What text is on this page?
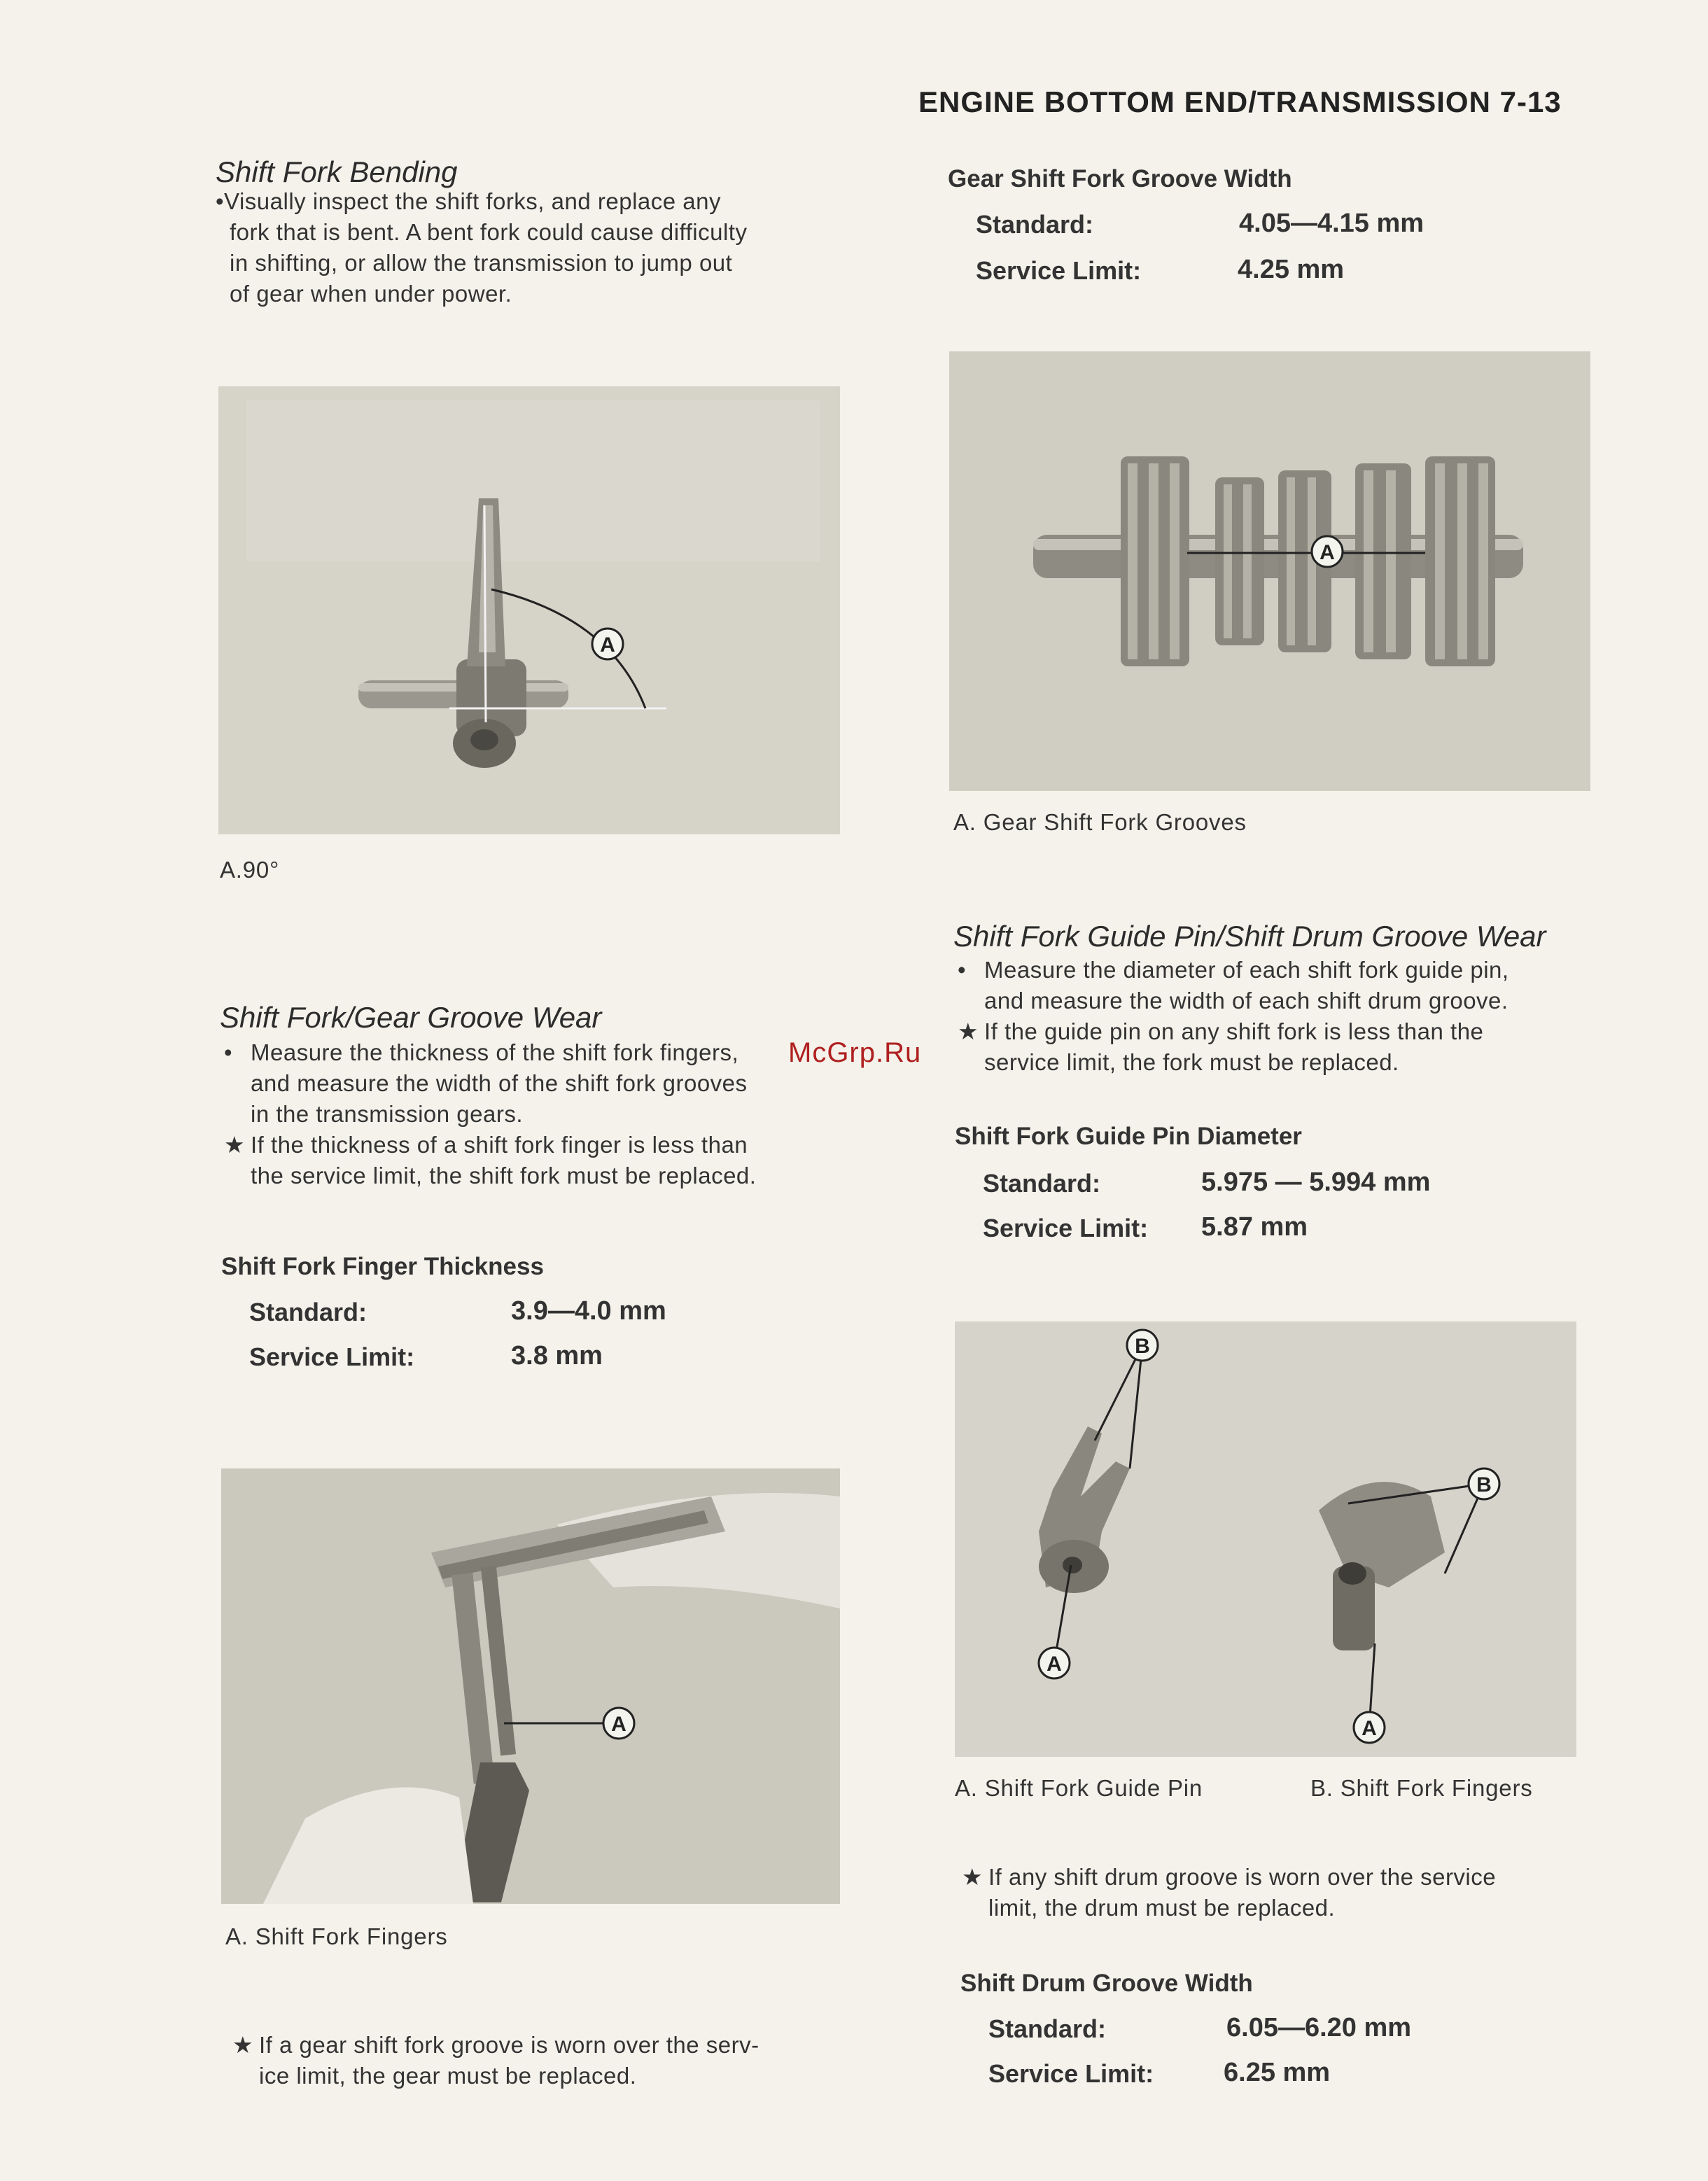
ENGINE BOTTOM END/TRANSMISSION 7-13
Shift Fork Bending
•Visually inspect the shift forks, and replace any
fork that is bent. A bent fork could cause difficulty
in shifting, or allow the transmission to jump out
of gear when under power.
A
A.90°
Shift Fork/Gear Groove Wear
• Measure the thickness of the shift fork fingers,
and measure the width of the shift fork grooves
in the transmission gears.
★ If the thickness of a shift fork finger is less than
the service limit, the shift fork must be replaced.
Shift Fork Finger Thickness
Standard:	3.9—4.0 mm
Service Limit:	3.8 mm
A
A. Shift Fork Fingers
★ If a gear shift fork groove is worn over the serv-
ice limit, the gear must be replaced.
Gear Shift Fork Groove Width
Standard:	4.05—4.15 mm
Service Limit:	4.25 mm
A
A. Gear Shift Fork Grooves
Shift Fork Guide Pin/Shift Drum Groove Wear
• Measure the diameter of each shift fork guide pin,
and measure the width of each shift drum groove.
★ If the guide pin on any shift fork is less than the
service limit, the fork must be replaced.
McGrp.Ru
Shift Fork Guide Pin Diameter
Standard:	5.975 — 5.994 mm
Service Limit: 5.87 mm
B
B
A
A
A. Shift Fork Guide Pin	B. Shift Fork Fingers
★ If any shift drum groove is worn over the service
limit, the drum must be replaced.
Shift Drum Groove Width
Standard:	6.05—6.20 mm
Service Limit:	6.25 mm
